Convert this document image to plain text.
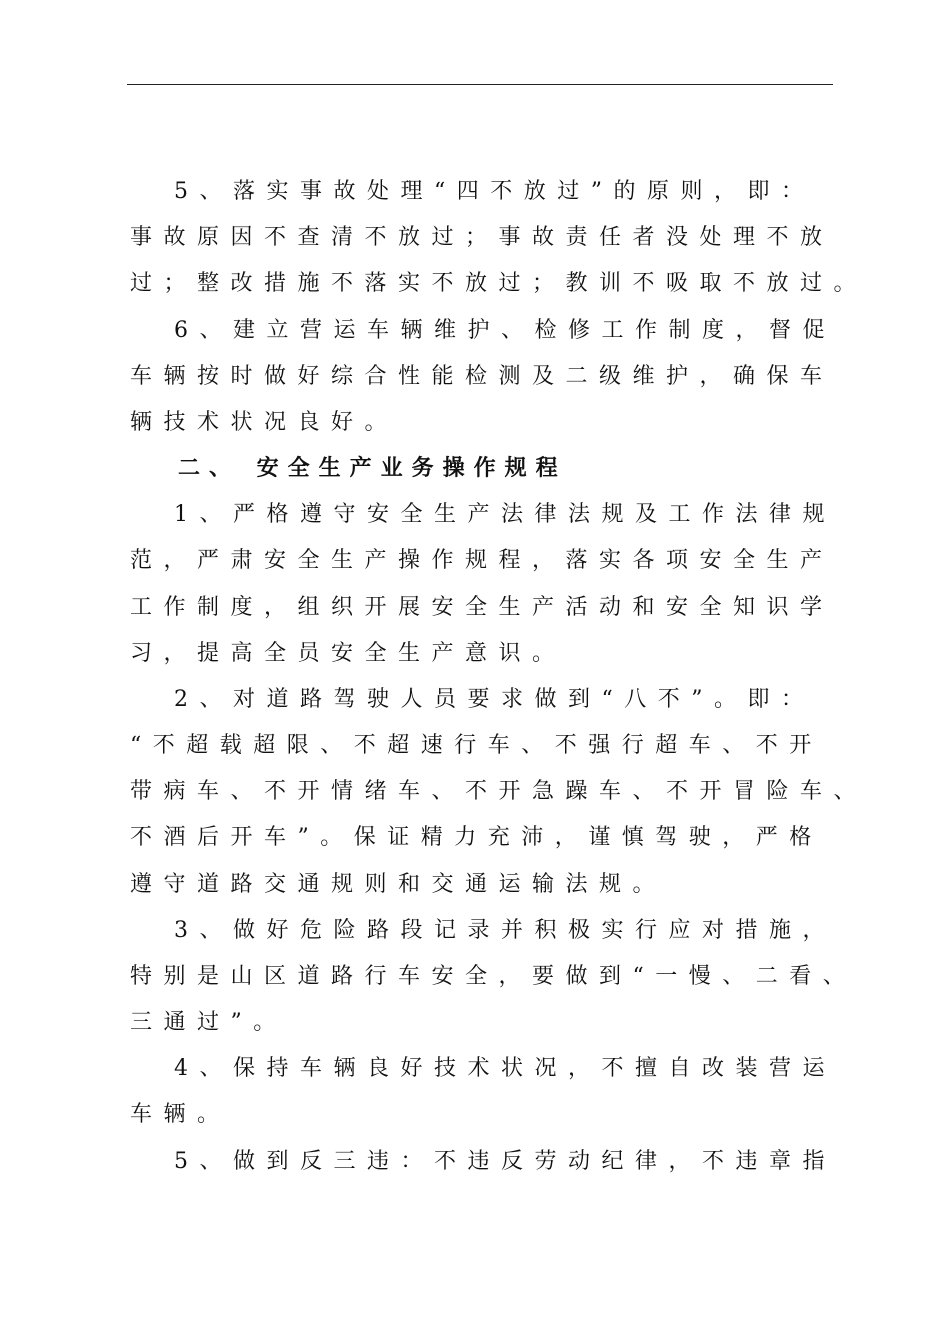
5、落实事故处理“四不放过”的原则，即：
事故原因不查清不放过；事故责任者没处理不放
过；整改措施不落实不放过；教训不吸取不放过。
6、建立营运车辆维护、检修工作制度，督促
车辆按时做好综合性能检测及二级维护，确保车
辆技术状况良好。
二、 安全生产业务操作规程
1、严格遵守安全生产法律法规及工作法律规
范，严肃安全生产操作规程，落实各项安全生产
工作制度，组织开展安全生产活动和安全知识学
习，提高全员安全生产意识。
2、对道路驾驶人员要求做到“八不”。即：
“不超载超限、不超速行车、不强行超车、不开
带病车、不开情绪车、不开急躁车、不开冒险车、
不酒后开车”。保证精力充沛，谨慎驾驶，严格
遵守道路交通规则和交通运输法规。
3、做好危险路段记录并积极实行应对措施，
特别是山区道路行车安全，要做到“一慢、二看、
三通过”。
4、保持车辆良好技术状况，不擅自改装营运
车辆。
5、做到反三违：不违反劳动纪律，不违章指
